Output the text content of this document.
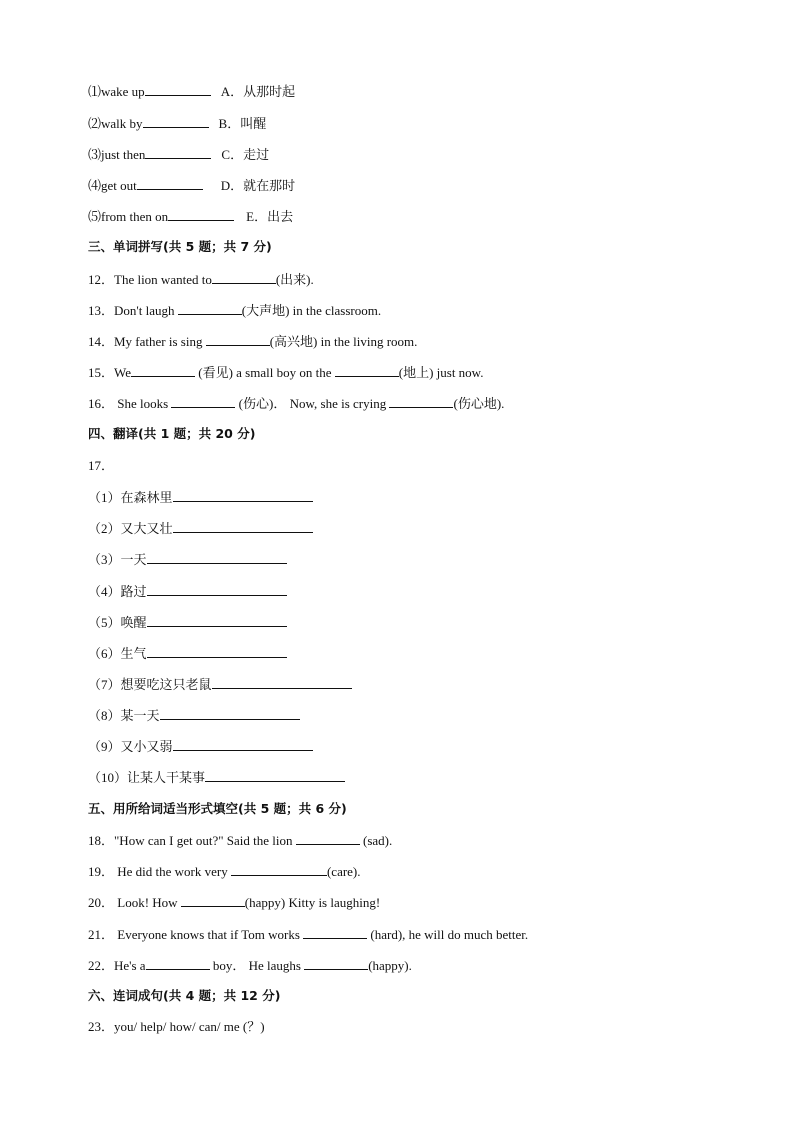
⑴wake up	A．从那时起
⑵walk by	B．叫醒
⑶just then	C．走过
⑷get out	D．就在那时
⑸from then on	E．出去
三、单词拼写(共 5 题；共 7 分)
12．The lion wanted to	(出来).
13．Don't laugh	(大声地) in the classroom.
14．My father is sing	(高兴地) in the living room.
15．We	(看见) a small boy on the	(地上) just now.
16． She looks	(伤心)． Now, she is crying	(伤心地).
四、翻译(共 1 题；共 20 分)
17．
（1）在森林里
（2）又大又壮
（3）一天
（4）路过
（5）唤醒
（6）生气
（7）想要吃这只老鼠
（8）某一天
（9）又小又弱
（10）让某人干某事
五、用所给词适当形式填空(共 5 题；共 6 分)
18．"How can I get out?" Said the lion	(sad).
19． He did the work very	(care).
20． Look! How	(happy) Kitty is laughing!
21． Everyone knows that if Tom works	(hard), he will do much better.
22．He's a	boy． He laughs	(happy).
六、连词成句(共 4 题；共 12 分)
23．you/ help/ how/ can/ me (？)
